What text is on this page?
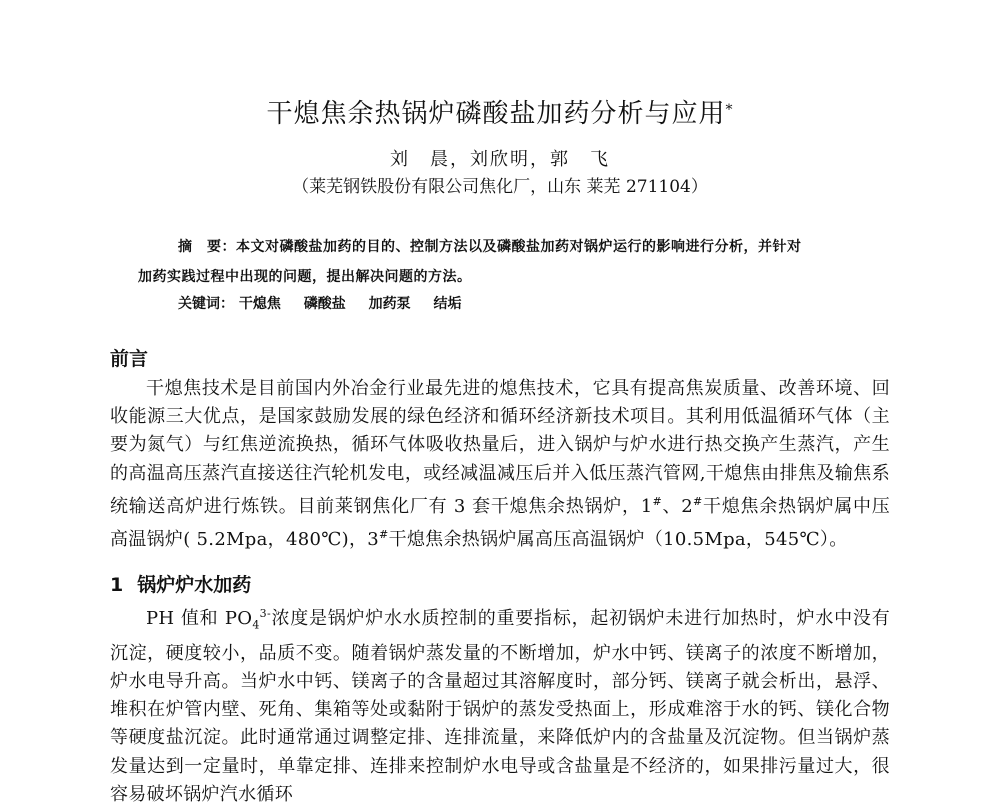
干熄焦余热锅炉磷酸盐加药分析与应用*
刘　晨，刘欣明，郭　飞
（莱芜钢铁股份有限公司焦化厂，山东 莱芜 271104）
摘　要：本文对磷酸盐加药的目的、控制方法以及磷酸盐加药对锅炉运行的影响进行分析，并针对
加药实践过程中出现的问题，提出解决问题的方法。
关键词： 干熄焦 磷酸盐 加药泵 结垢
前言
干熄焦技术是目前国内外冶金行业最先进的熄焦技术，它具有提高焦炭质量、改善环境、回收能源三大优点，是国家鼓励发展的绿色经济和循环经济新技术项目。其利用低温循环气体（主要为氮气）与红焦逆流换热，循环气体吸收热量后，进入锅炉与炉水进行热交换产生蒸汽，产生的高温高压蒸汽直接送往汽轮机发电，或经减温减压后并入低压蒸汽管网,干熄焦由排焦及输焦系统输送高炉进行炼铁。目前莱钢焦化厂有 3 套干熄焦余热锅炉，1#、2#干熄焦余热锅炉属中压高温锅炉( 5.2Mpa，480℃)，3#干熄焦余热锅炉属高压高温锅炉（10.5Mpa，545℃）。
1 锅炉炉水加药
PH 值和 $PO_4^{3-}$浓度是锅炉炉水水质控制的重要指标，起初锅炉未进行加热时，炉水中没有沉淀，硬度较小，品质不变。随着锅炉蒸发量的不断增加，炉水中钙、镁离子的浓度不断增加，炉水电导升高。当炉水中钙、镁离子的含量超过其溶解度时，部分钙、镁离子就会析出，悬浮、堆积在炉管内壁、死角、集箱等处或黏附于锅炉的蒸发受热面上，形成难溶于水的钙、镁化合物等硬度盐沉淀。此时通常通过调整定排、连排流量，来降低炉内的含盐量及沉淀物。但当锅炉蒸发量达到一定量时，单靠定排、连排来控制炉水电导或含盐量是不经济的，如果排污量过大，很容易破坏锅炉汽水循环
